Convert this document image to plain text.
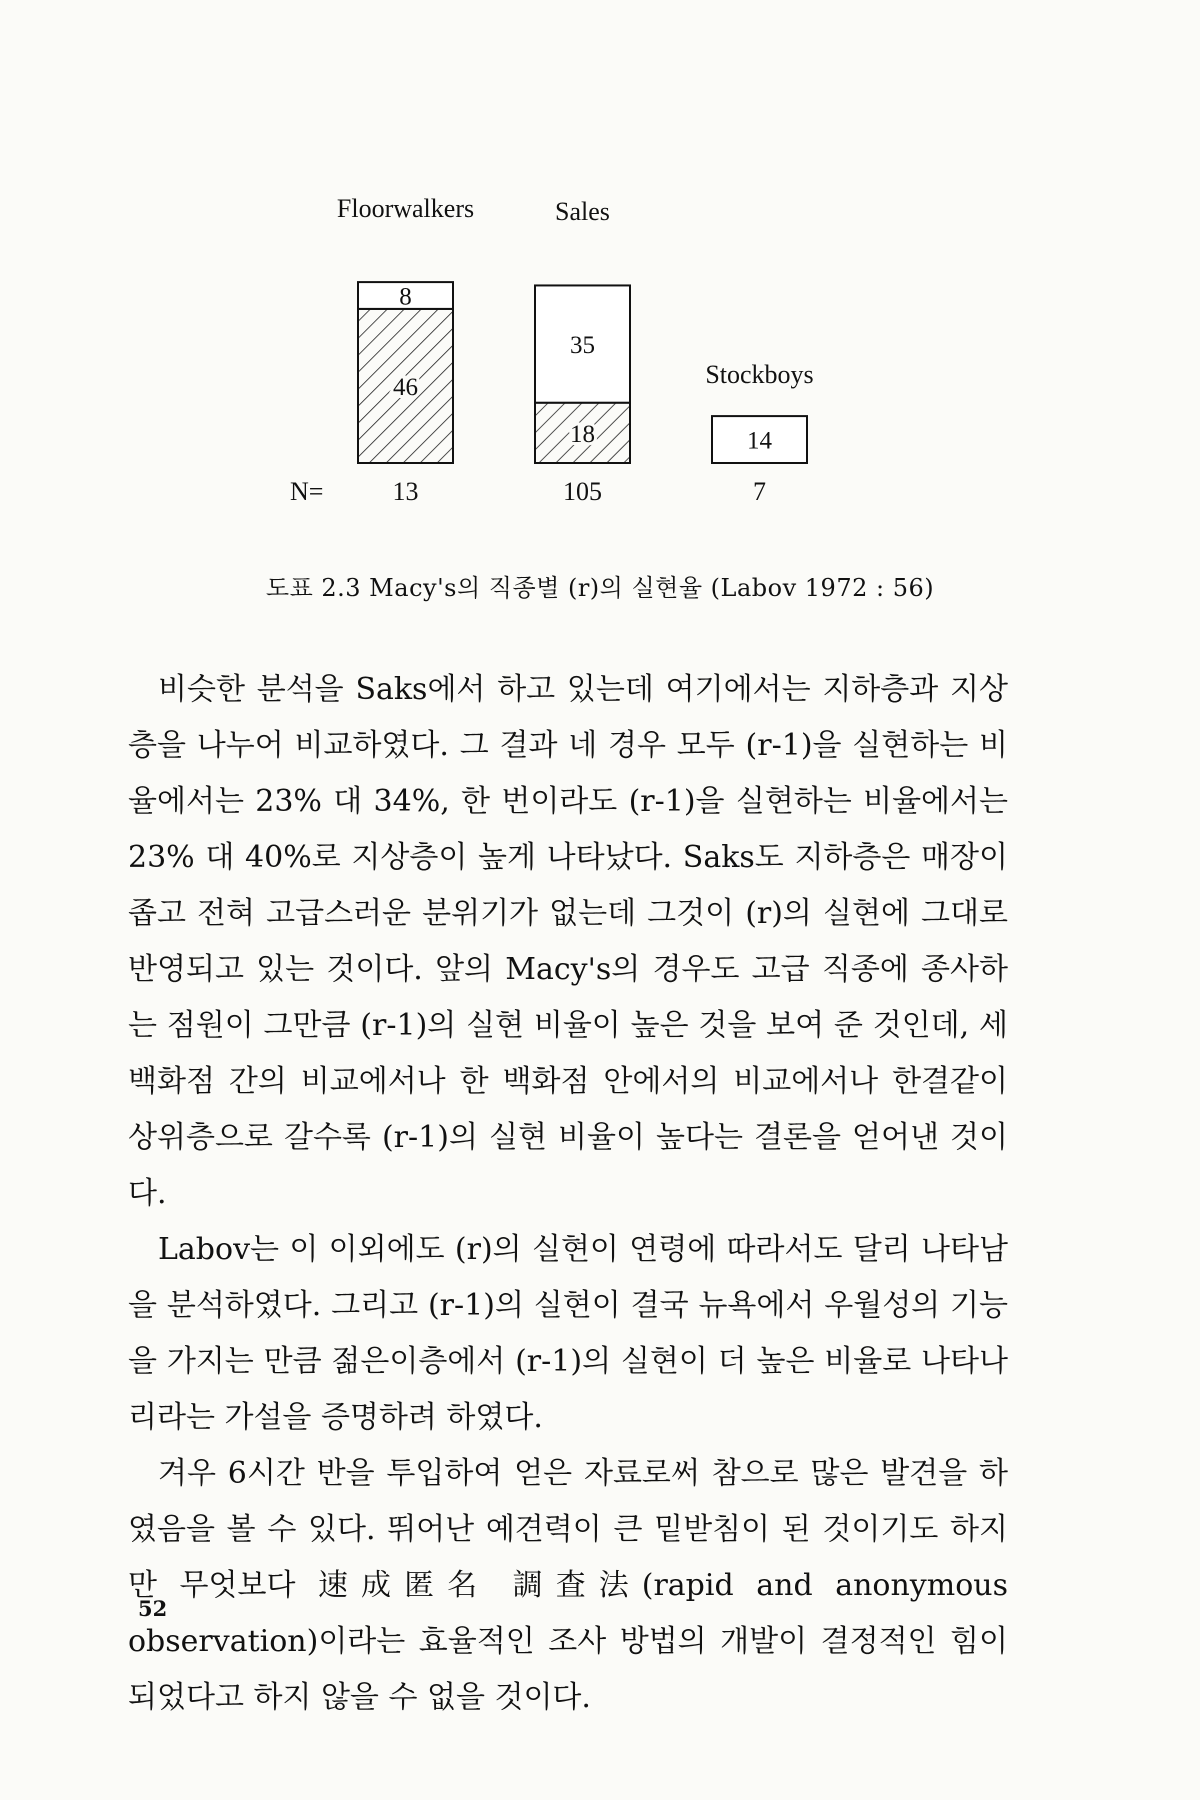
46
8
Floorwalkers
13
18
35
Sales
105
14
Stockboys
7
N=
도표 2.3 Macy's의 직종별 (r)의 실현율 (Labov 1972 : 56)

비슷한 분석을 Saks에서 하고 있는데 여기에서는 지하층과 지상층을 나누어 비교하였다. 그 결과 네 경우 모두 (r-1)을 실현하는 비율에서는 23% 대 34%, 한 번이라도 (r-1)을 실현하는 비율에서는 23% 대 40%로 지상층이 높게 나타났다. Saks도 지하층은 매장이 좁고 전혀 고급스러운 분위기가 없는데 그것이 (r)의 실현에 그대로 반영되고 있는 것이다. 앞의 Macy's의 경우도 고급 직종에 종사하는 점원이 그만큼 (r-1)의 실현 비율이 높은 것을 보여 준 것인데, 세 백화점 간의 비교에서나 한 백화점 안에서의 비교에서나 한결같이 상위층으로 갈수록 (r-1)의 실현 비율이 높다는 결론을 얻어낸 것이다.

Labov는 이 이외에도 (r)의 실현이 연령에 따라서도 달리 나타남을 분석하였다. 그리고 (r-1)의 실현이 결국 뉴욕에서 우월성의 기능을 가지는 만큼 젊은이층에서 (r-1)의 실현이 더 높은 비율로 나타나리라는 가설을 증명하려 하였다.

겨우 6시간 반을 투입하여 얻은 자료로써 참으로 많은 발견을 하였음을 볼 수 있다. 뛰어난 예견력이 큰 밑받침이 된 것이기도 하지만 무엇보다 速成匿名 調査法(rapid and anonymous observation)이라는 효율적인 조사 방법의 개발이 결정적인 힘이 되었다고 하지 않을 수 없을 것이다.

52
